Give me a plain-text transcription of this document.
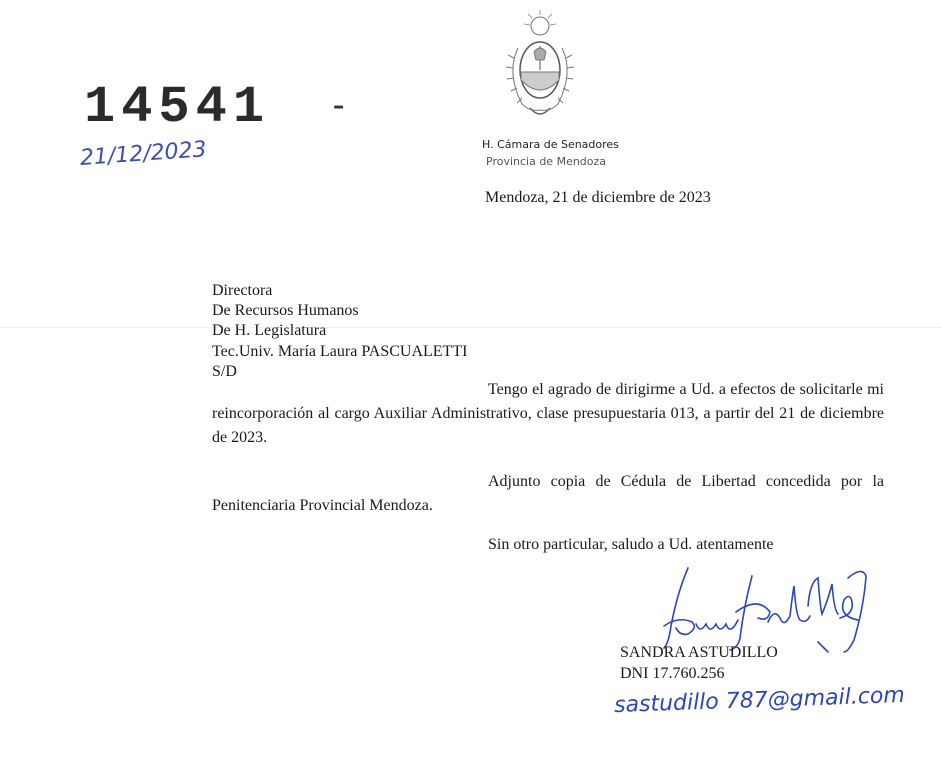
14541 -
21/12/2023	H. Cámara de Senadores
Provincia de Mendoza
Mendoza, 21 de diciembre de 2023
Directora
De Recursos Humanos
De H. Legislatura
Tec.Univ. María Laura PASCUALETTI
S/D
Tengo el agrado de dirigirme a Ud. a efectos de solicitarle mi reincorporación al cargo Auxiliar Administrativo, clase presupuestaria 013, a partir del 21 de diciembre de 2023.
Adjunto copia de Cédula de Libertad concedida por la Penitenciaria Provincial Mendoza.
Sin otro particular, saludo a Ud. atentamente
SANDRA ASTUDILLO
DNI 17.760.256
sastudillo 787@gmail.com
